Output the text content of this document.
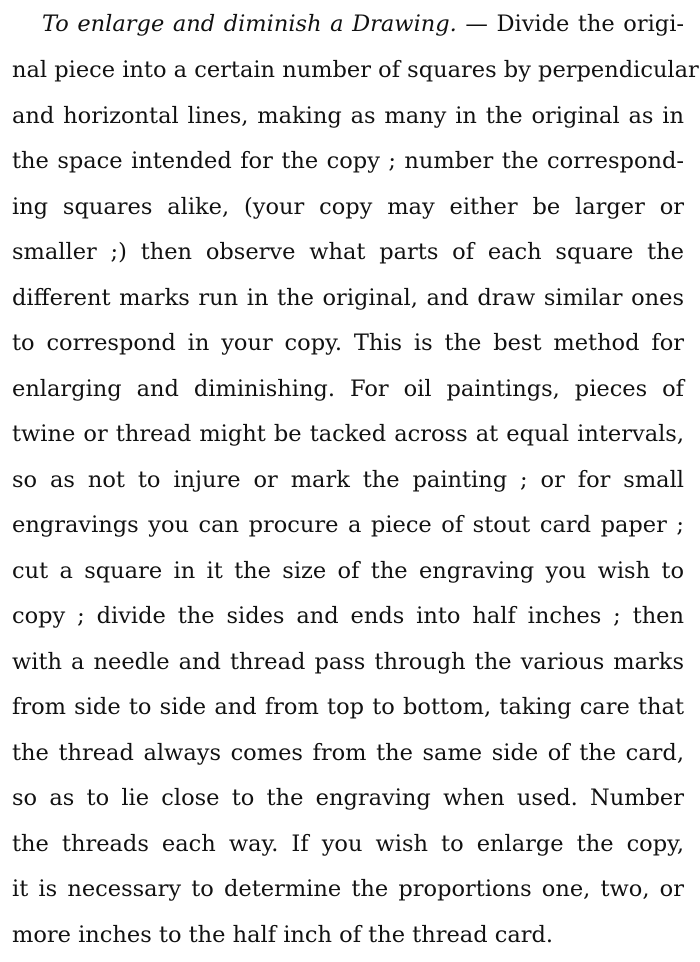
To enlarge and diminish a Drawing. — Divide the origi-
nal piece into a certain number of squares by perpendicular
and horizontal lines, making as many in the original as in
the space intended for the copy ; number the correspond-
ing squares alike, (your copy may either be larger or
smaller ;) then observe what parts of each square the
different marks run in the original, and draw similar ones
to correspond in your copy. This is the best method for
enlarging and diminishing. For oil paintings, pieces of
twine or thread might be tacked across at equal intervals,
so as not to injure or mark the painting ; or for small
engravings you can procure a piece of stout card paper ;
cut a square in it the size of the engraving you wish to
copy ; divide the sides and ends into half inches ; then
with a needle and thread pass through the various marks
from side to side and from top to bottom, taking care that
the thread always comes from the same side of the card,
so as to lie close to the engraving when used. Number
the threads each way. If you wish to enlarge the copy,
it is necessary to determine the proportions one, two, or
more inches to the half inch of the thread card.
